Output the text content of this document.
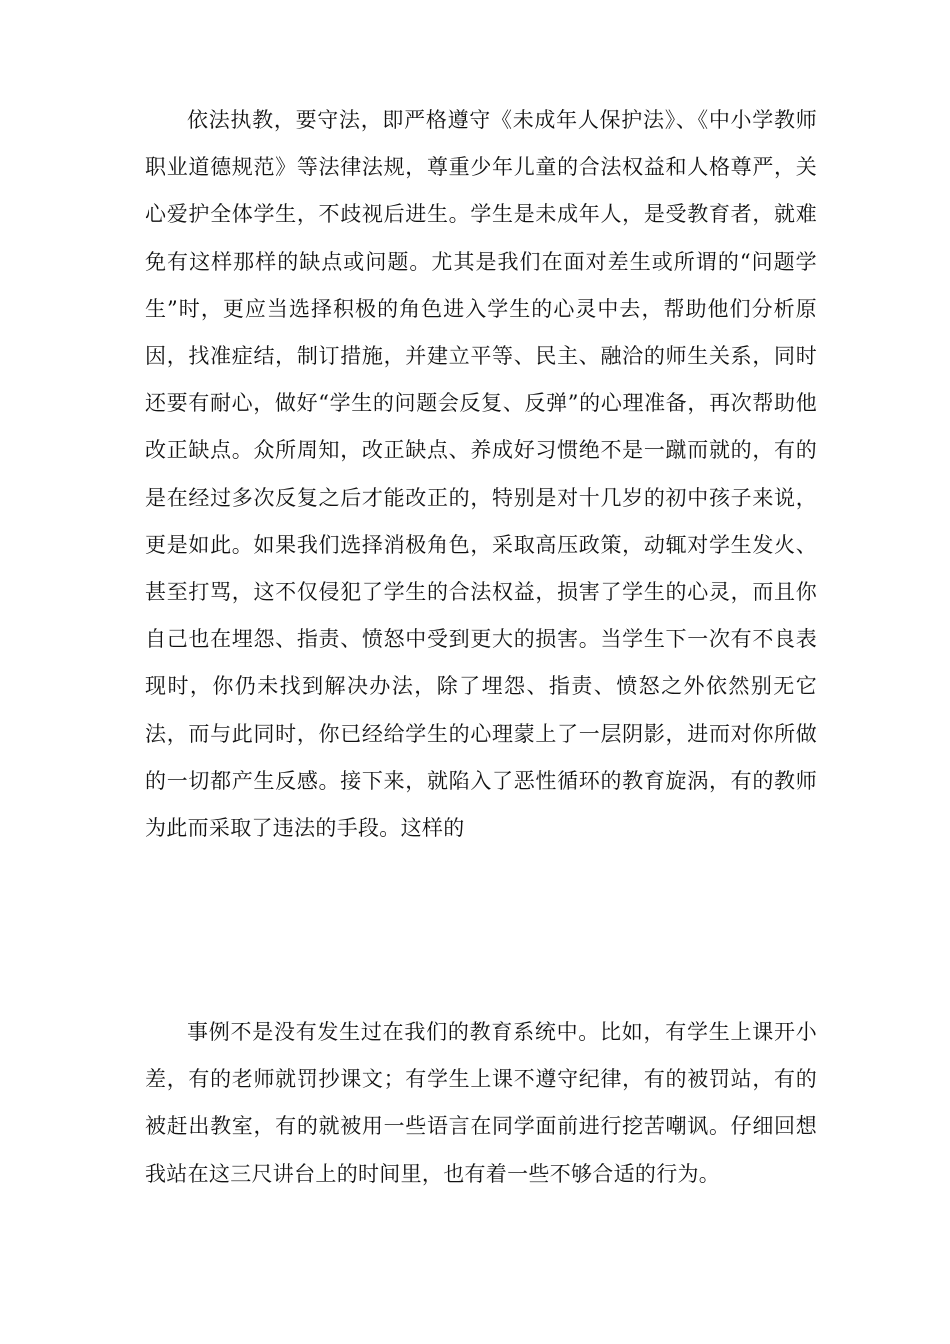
依法执教，要守法，即严格遵守《未成年人保护法》、《中小学教师职业道德规范》等法律法规，尊重少年儿童的合法权益和人格尊严，关心爱护全体学生，不歧视后进生。学生是未成年人，是受教育者，就难免有这样那样的缺点或问题。尤其是我们在面对差生或所谓的“问题学生”时，更应当选择积极的角色进入学生的心灵中去，帮助他们分析原因，找准症结，制订措施，并建立平等、民主、融洽的师生关系，同时还要有耐心，做好“学生的问题会反复、反弹”的心理准备，再次帮助他改正缺点。众所周知，改正缺点、养成好习惯绝不是一蹴而就的，有的是在经过多次反复之后才能改正的，特别是对十几岁的初中孩子来说，更是如此。如果我们选择消极角色，采取高压政策，动辄对学生发火、甚至打骂，这不仅侵犯了学生的合法权益，损害了学生的心灵，而且你自己也在埋怨、指责、愤怒中受到更大的损害。当学生下一次有不良表现时，你仍未找到解决办法，除了埋怨、指责、愤怒之外依然别无它法，而与此同时，你已经给学生的心理蒙上了一层阴影，进而对你所做的一切都产生反感。接下来，就陷入了恶性循环的教育旋涡，有的教师为此而采取了违法的手段。这样的

事例不是没有发生过在我们的教育系统中。比如，有学生上课开小差，有的老师就罚抄课文；有学生上课不遵守纪律，有的被罚站，有的被赶出教室，有的就被用一些语言在同学面前进行挖苦嘲讽。仔细回想我站在这三尺讲台上的时间里，也有着一些不够合适的行为。
